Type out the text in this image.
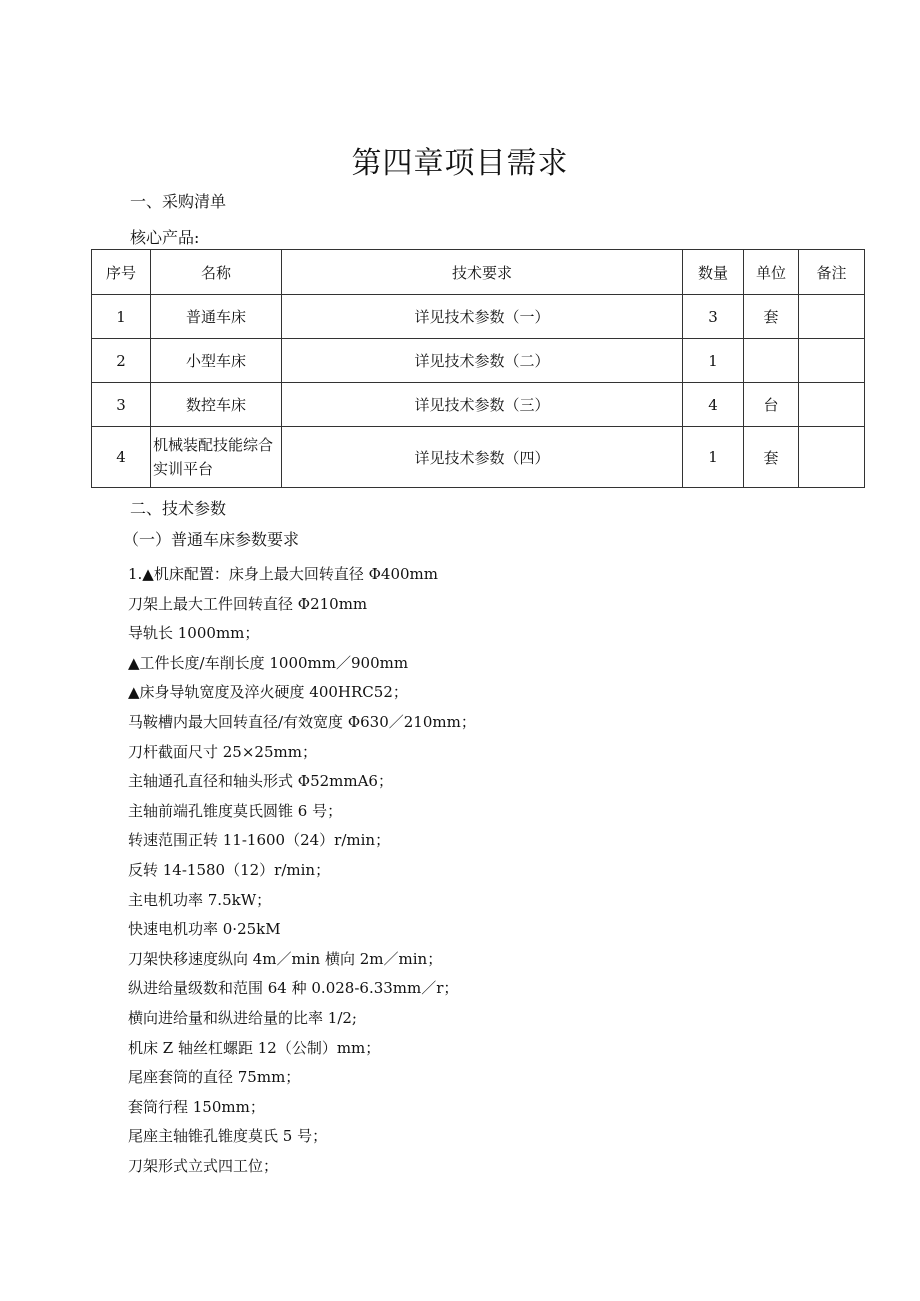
第四章项目需求
一、采购清单
核心产品:
序号	名称	技术要求	数量	单位	备注
1	普通车床	详见技术参数（一）	3	套	
2	小型车床	详见技术参数（二）	1		
3	数控车床	详见技术参数（三）	4	台	
4	机械装配技能综合实训平台	详见技术参数（四）	1	套	
二、技术参数
（一）普通车床参数要求
1.▲机床配置：床身上最大回转直径 Φ400mm
刀架上最大工件回转直径 Φ210mm
导轨长 1000mm；
▲工件长度/车削长度 1000mm／900mm
▲床身导轨宽度及淬火硬度 400HRC52；
马鞍槽内最大回转直径/有效宽度 Φ630／210mm；
刀杆截面尺寸 25×25mm；
主轴通孔直径和轴头形式 Φ52mmA6；
主轴前端孔锥度莫氏圆锥 6 号；
转速范围正转 11-1600（24）r/min；
反转 14-1580（12）r/min；
主电机功率 7.5kW；
快速电机功率 0·25kM
刀架快移速度纵向 4m／min 横向 2m／min；
纵进给量级数和范围 64 种 0.028-6.33mm／r；
横向进给量和纵进给量的比率 1/2;
机床 Z 轴丝杠螺距 12（公制）mm；
尾座套筒的直径 75mm；
套筒行程 150mm；
尾座主轴锥孔锥度莫氏 5 号；
刀架形式立式四工位；
